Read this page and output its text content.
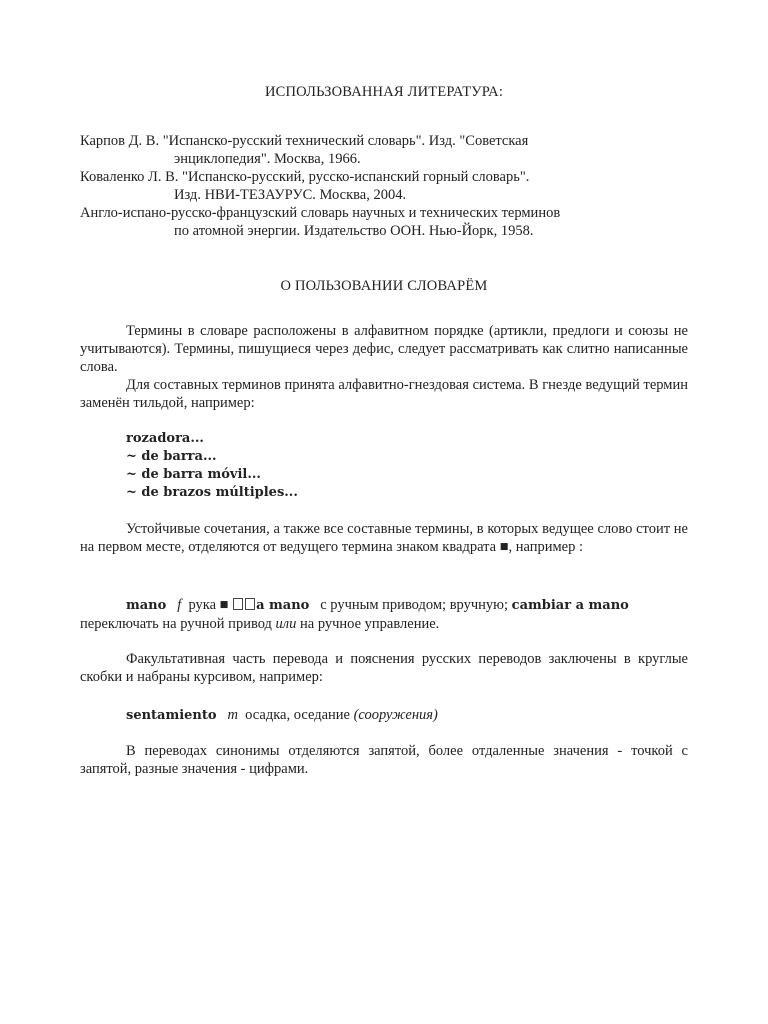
ИСПОЛЬЗОВАННАЯ ЛИТЕРАТУРА:
Карпов Д. В. "Испанско-русский технический словарь". Изд. "Советская
энциклопедия". Москва, 1966.
Коваленко Л. В. "Испанско-русский, русско-испанский горный словарь".
Изд. НВИ-ТЕЗАУРУС. Москва, 2004.
Англо-испано-русско-французский словарь научных и технических терминов
по атомной энергии. Издательство ООН. Нью-Йорк, 1958.
О ПОЛЬЗОВАНИИ СЛОВАРЁМ
Термины в словаре расположены в алфавитном порядке (артикли, предлоги и союзы не учитываются). Термины, пишущиеся через дефис, следует рассматривать как слитно написанные слова.
Для составных терминов принята алфавитно-гнездовая система. В гнезде ведущий термин заменён тильдой, например:
rozadora...
~ de barra...
~ de barra móvil...
~ de brazos múltiples...
Устойчивые сочетания, а также все составные термины, в которых ведущее слово стоит не на первом месте, отделяются от ведущего термина знаком квадрата ■, например :
mano f рука ■ a mano с ручным приводом; вручную; cambiar a mano
переключать на ручной привод или на ручное управление.
Факультативная часть перевода и пояснения русских переводов заключены в круглые скобки и набраны курсивом, например:
sentamiento m осадка, оседание (сооружения)
В переводах синонимы отделяются запятой, более отдаленные значения - точкой с запятой, разные значения - цифрами.
